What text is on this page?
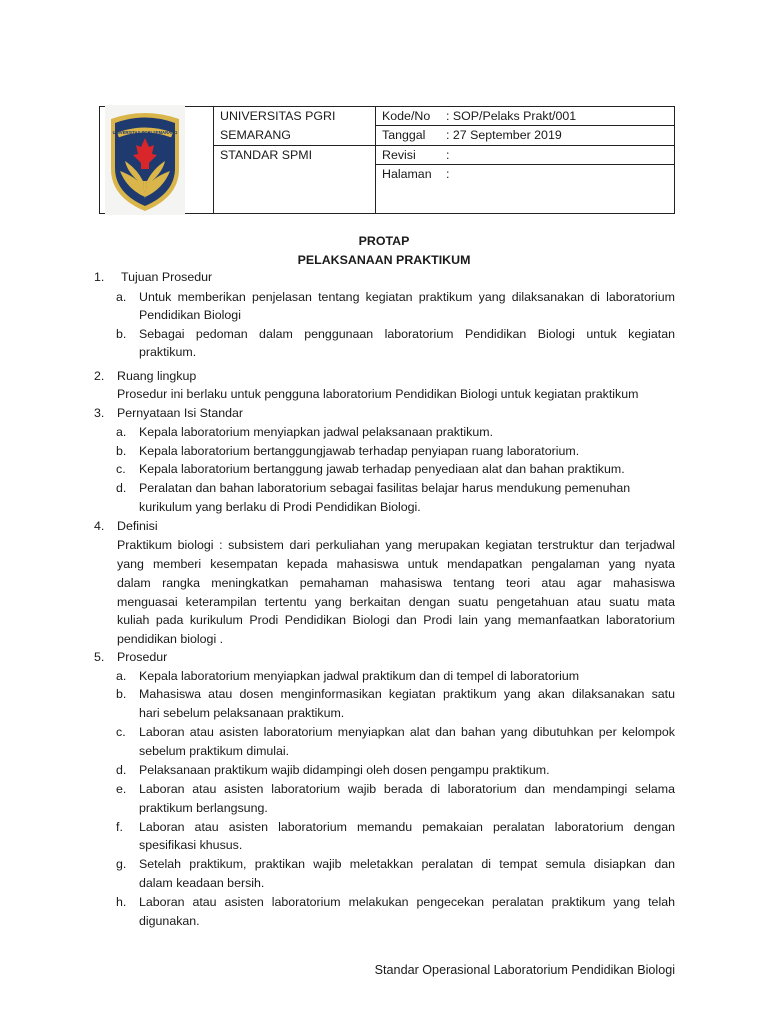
UNIVERSITAS PGRI SEMARANG
UNIVERSITAS PGRI
SEMARANG
STANDAR SPMI
Kode/No : SOP/Pelaks Prakt/001
Tanggal : 27 September 2019
Revisi :
Halaman :
PROTAP
PELAKSANAAN PRAKTIKUM
1. Tujuan Prosedur
a. Untuk memberikan penjelasan tentang kegiatan praktikum yang dilaksanakan di laboratorium
Pendidikan Biologi
b. Sebagai pedoman dalam penggunaan laboratorium Pendidikan Biologi untuk kegiatan
praktikum.
2. Ruang lingkup
Prosedur ini berlaku untuk pengguna laboratorium Pendidikan Biologi untuk kegiatan praktikum
3. Pernyataan Isi Standar
a. Kepala laboratorium menyiapkan jadwal pelaksanaan praktikum.
b. Kepala laboratorium bertanggungjawab terhadap penyiapan ruang laboratorium.
c. Kepala laboratorium bertanggung jawab terhadap penyediaan alat dan bahan praktikum.
d. Peralatan dan bahan laboratorium sebagai fasilitas belajar harus mendukung pemenuhan
kurikulum yang berlaku di Prodi Pendidikan Biologi.
4. Definisi
Praktikum biologi : subsistem dari perkuliahan yang merupakan kegiatan terstruktur dan terjadwal
yang memberi kesempatan kepada mahasiswa untuk mendapatkan pengalaman yang nyata
dalam rangka meningkatkan pemahaman mahasiswa tentang teori atau agar mahasiswa
menguasai keterampilan tertentu yang berkaitan dengan suatu pengetahuan atau suatu mata
kuliah pada kurikulum Prodi Pendidikan Biologi dan Prodi lain yang memanfaatkan laboratorium
pendidikan biologi .
5. Prosedur
a. Kepala laboratorium menyiapkan jadwal praktikum dan di tempel di laboratorium
b. Mahasiswa atau dosen menginformasikan kegiatan praktikum yang akan dilaksanakan satu
hari sebelum pelaksanaan praktikum.
c. Laboran atau asisten laboratorium menyiapkan alat dan bahan yang dibutuhkan per kelompok
sebelum praktikum dimulai.
d. Pelaksanaan praktikum wajib didampingi oleh dosen pengampu praktikum.
e. Laboran atau asisten laboratorium wajib berada di laboratorium dan mendampingi selama
praktikum berlangsung.
f. Laboran atau asisten laboratorium memandu pemakaian peralatan laboratorium dengan
spesifikasi khusus.
g. Setelah praktikum, praktikan wajib meletakkan peralatan di tempat semula disiapkan dan
dalam keadaan bersih.
h. Laboran atau asisten laboratorium melakukan pengecekan peralatan praktikum yang telah
digunakan.
Standar Operasional Laboratorium Pendidikan Biologi
